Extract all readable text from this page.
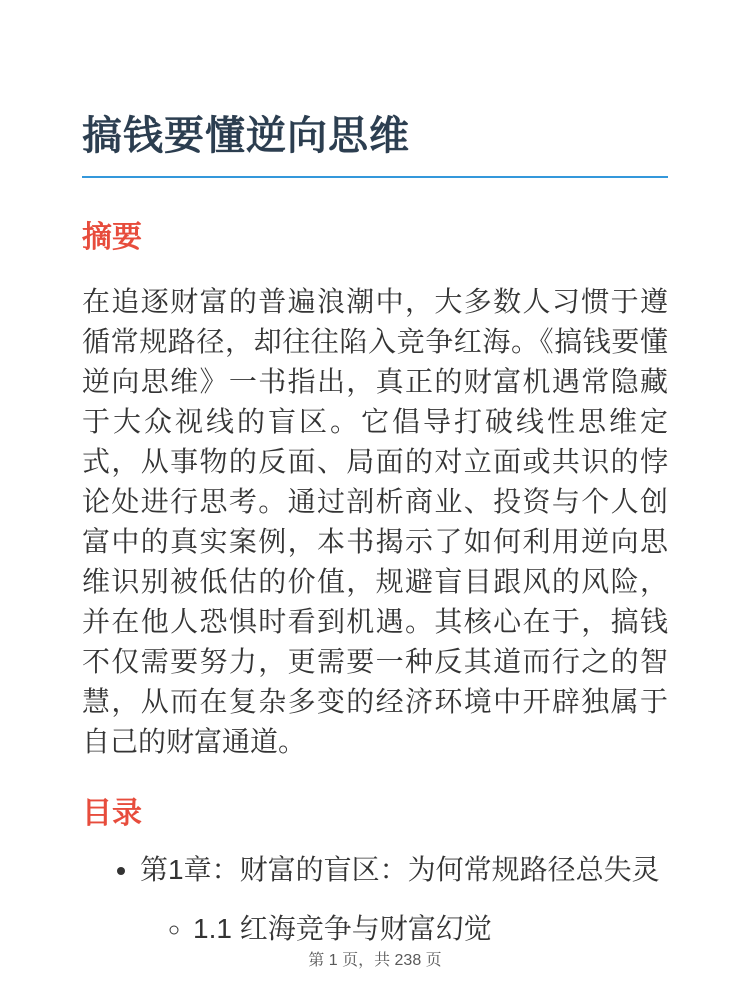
搞钱要懂逆向思维
摘要

在追逐财富的普遍浪潮中，大多数人习惯于遵循常规路径，却往往陷入竞争红海。《搞钱要懂逆向思维》一书指出，真正的财富机遇常隐藏于大众视线的盲区。它倡导打破线性思维定式，从事物的反面、局面的对立面或共识的悖论处进行思考。通过剖析商业、投资与个人创富中的真实案例，本书揭示了如何利用逆向思维识别被低估的价值，规避盲目跟风的风险，并在他人恐惧时看到机遇。其核心在于，搞钱不仅需要努力，更需要一种反其道而行之的智慧，从而在复杂多变的经济环境中开辟独属于自己的财富通道。

目录
• 第1章：财富的盲区：为何常规路径总失灵
◦ 1.1 红海竞争与财富幻觉
第 1 页，共 238 页
